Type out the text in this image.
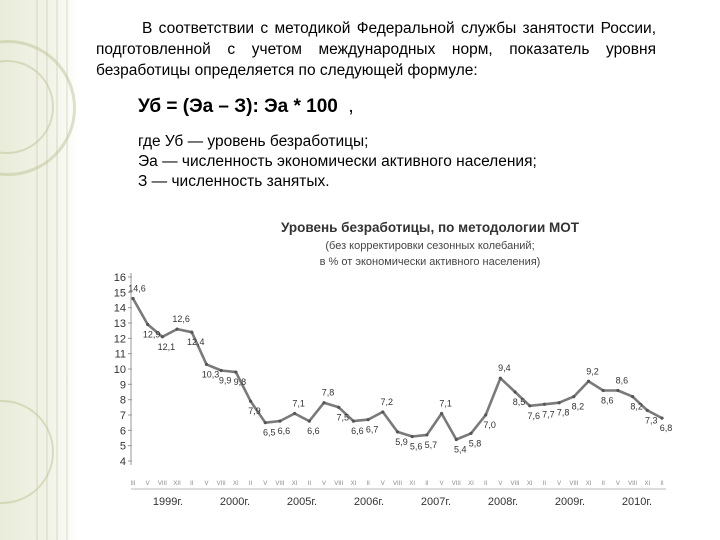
В соответствии с методикой Федеральной службы занятости России, подготовленной с учетом международных норм, показатель уровня безработицы определяется по следующей формуле:

Уб = (Эа – З): Эа * 100 ,

где Уб — уровень безработицы;
Эа — численность экономически активного населения;
З — численность занятых.

Уровень безработицы, по методологии МОТ

(без корректировки сезонных колебаний;

в % от экономически активного населения)

16
15
14
13
12
11
10
9
8
7
6
5
4
14,6
12,9
12,1
12,6
12,4
10,3
9,9 9,8
7,9
6,5 6,6
7,1
6,6
7,8
7,5
6,6 6,7
7,2
5,9 5,6 5,7
7,1
5,4
5,8
7,0
9,4
8,5
7,6 7,7 7,8
8,2
9,2
8,6
8,6
8,2
7,3
6,8
III V VIII XII II V VIII XI II V VIII XI II V VIII XI II V VIII XI II V VIII XI II V VIII XI II V VIII XI II V VIII XI II
1999г.	2000г.	2005г.	2006г.	2007г.	2008г.	2009г.	2010г.
